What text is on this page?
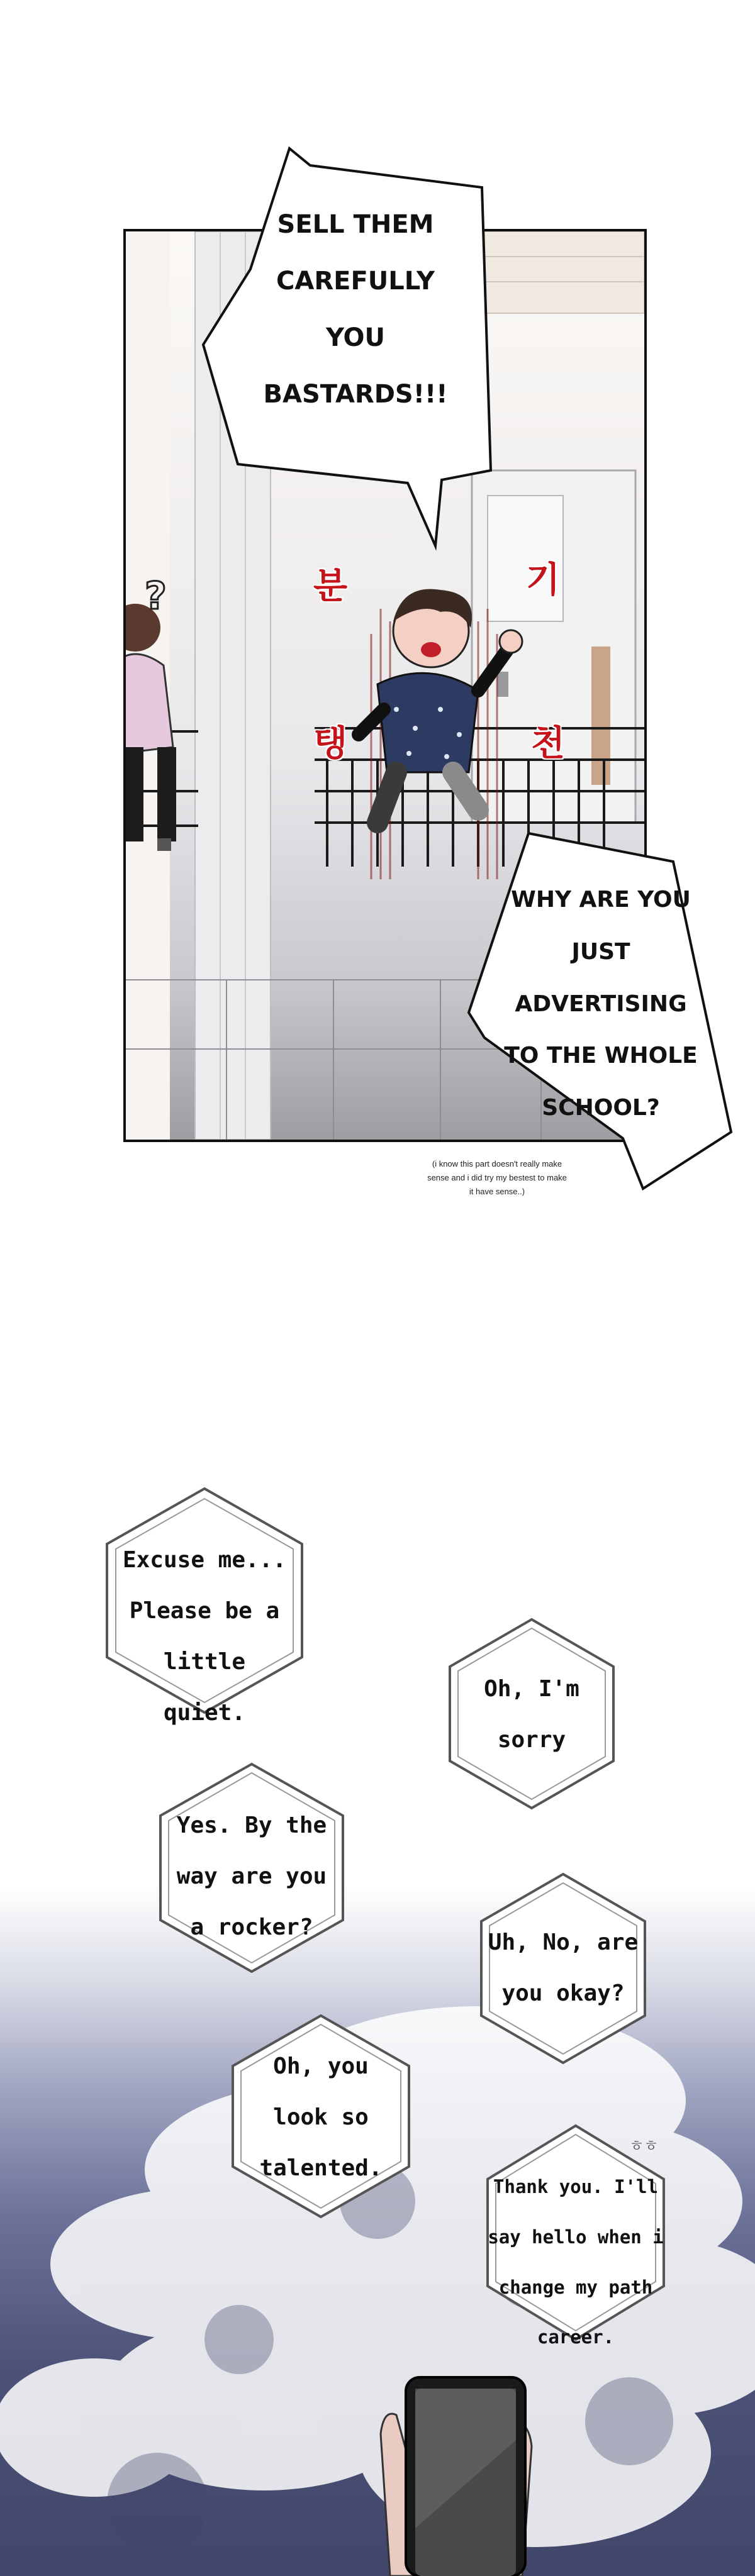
?	분
탱
기
천
SELL THEM
CAREFULLY
YOU
BASTARDS!!!
WHY ARE YOU
JUST
ADVERTISING
TO THE WHOLE
SCHOOL?
(i know this part doesn't really make
sense and i did try my bestest to make
it have sense..)
Excuse me...
Please be a little
quiet.
Oh, I'm
sorry
Yes. By the
way are you
a rocker?
Uh, No, are
you okay?
Oh, you
look so
talented.
ㅎㅎ
Thank you. I'll
say hello when i
change my path
career.
